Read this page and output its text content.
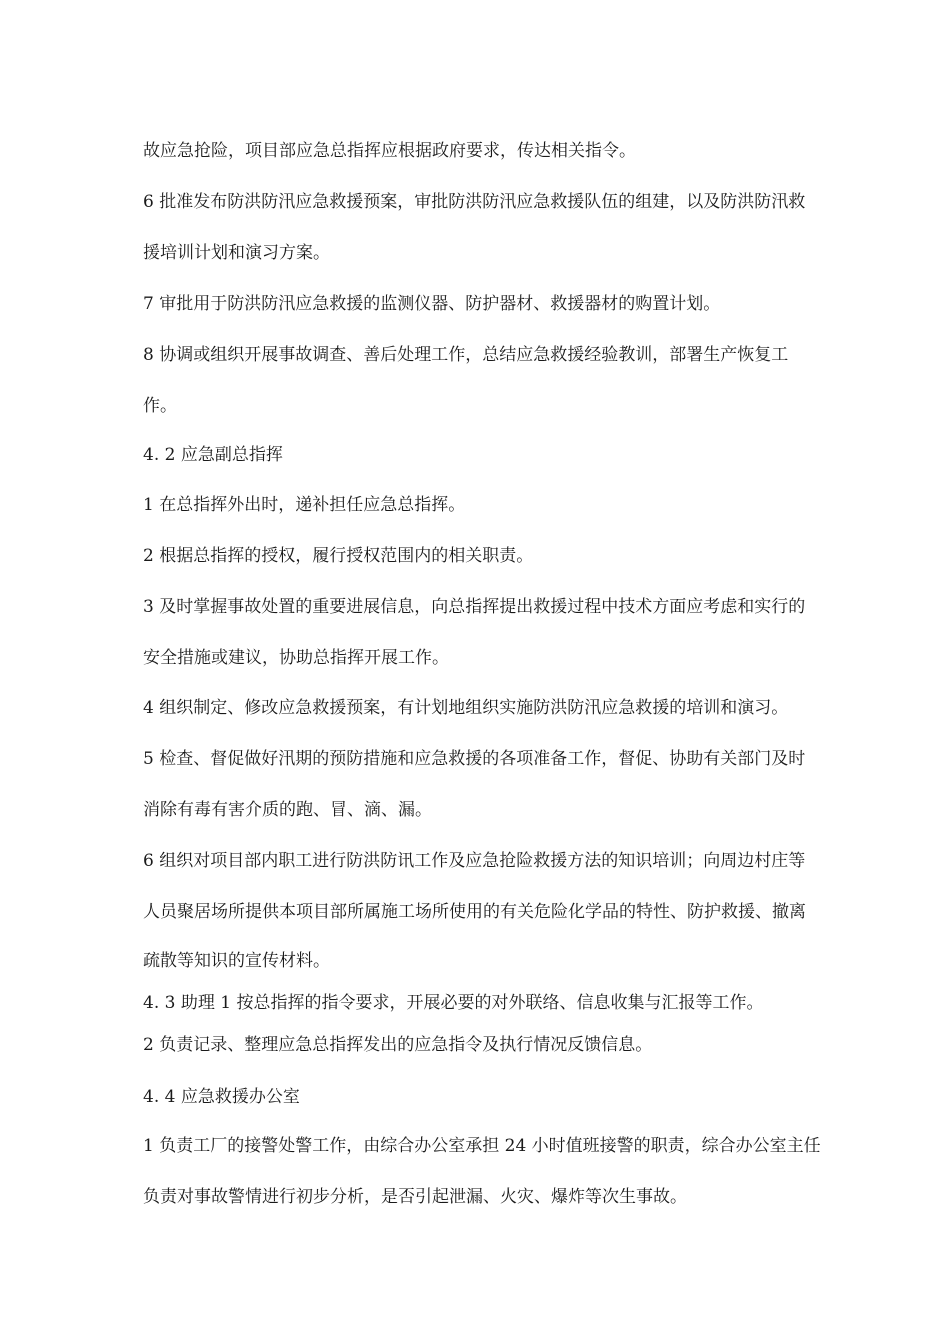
故应急抢险，项目部应急总指挥应根据政府要求，传达相关指令。

6 批准发布防洪防汛应急救援预案，审批防洪防汛应急救援队伍的组建，以及防洪防汛救

援培训计划和演习方案。

7 审批用于防洪防汛应急救援的监测仪器、防护器材、救援器材的购置计划。

8 协调或组织开展事故调查、善后处理工作，总结应急救援经验教训，部署生产恢复工

作。

4. 2 应急副总指挥

1 在总指挥外出时，递补担任应急总指挥。

2 根据总指挥的授权，履行授权范围内的相关职责。

3 及时掌握事故处置的重要进展信息，向总指挥提出救援过程中技术方面应考虑和实行的

安全措施或建议，协助总指挥开展工作。

4 组织制定、修改应急救援预案，有计划地组织实施防洪防汛应急救援的培训和演习。

5 检查、督促做好汛期的预防措施和应急救援的各项准备工作，督促、协助有关部门及时

消除有毒有害介质的跑、冒、滴、漏。

6 组织对项目部内职工进行防洪防讯工作及应急抢险救援方法的知识培训；向周边村庄等

人员聚居场所提供本项目部所属施工场所使用的有关危险化学品的特性、防护救援、撤离

疏散等知识的宣传材料。

4. 3 助理 1 按总指挥的指令要求，开展必要的对外联络、信息收集与汇报等工作。

2 负责记录、整理应急总指挥发出的应急指令及执行情况反馈信息。

4. 4 应急救援办公室

1 负责工厂的接警处警工作，由综合办公室承担 24 小时值班接警的职责，综合办公室主任

负责对事故警情进行初步分析，是否引起泄漏、火灾、爆炸等次生事故。
